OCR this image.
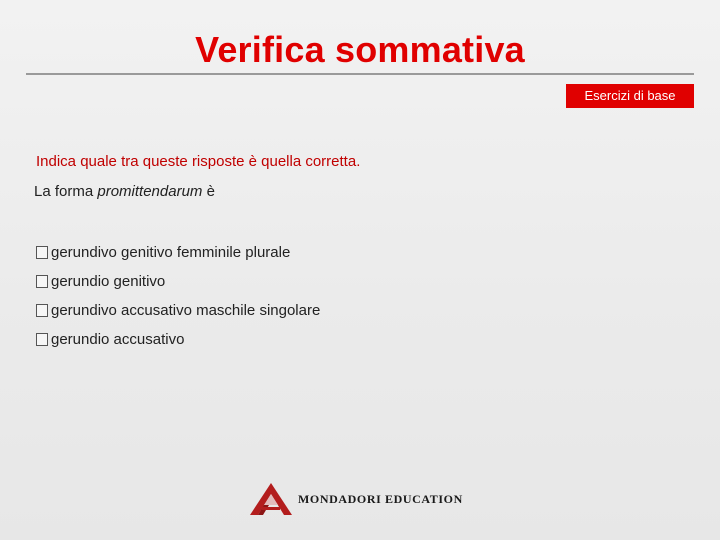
Verifica sommativa
Esercizi di base
Indica quale tra queste risposte è quella corretta.
La forma promittendarum è
gerundivo genitivo femminile plurale
gerundio genitivo
gerundivo accusativo maschile singolare
gerundio accusativo
MONDADORI EDUCATION
